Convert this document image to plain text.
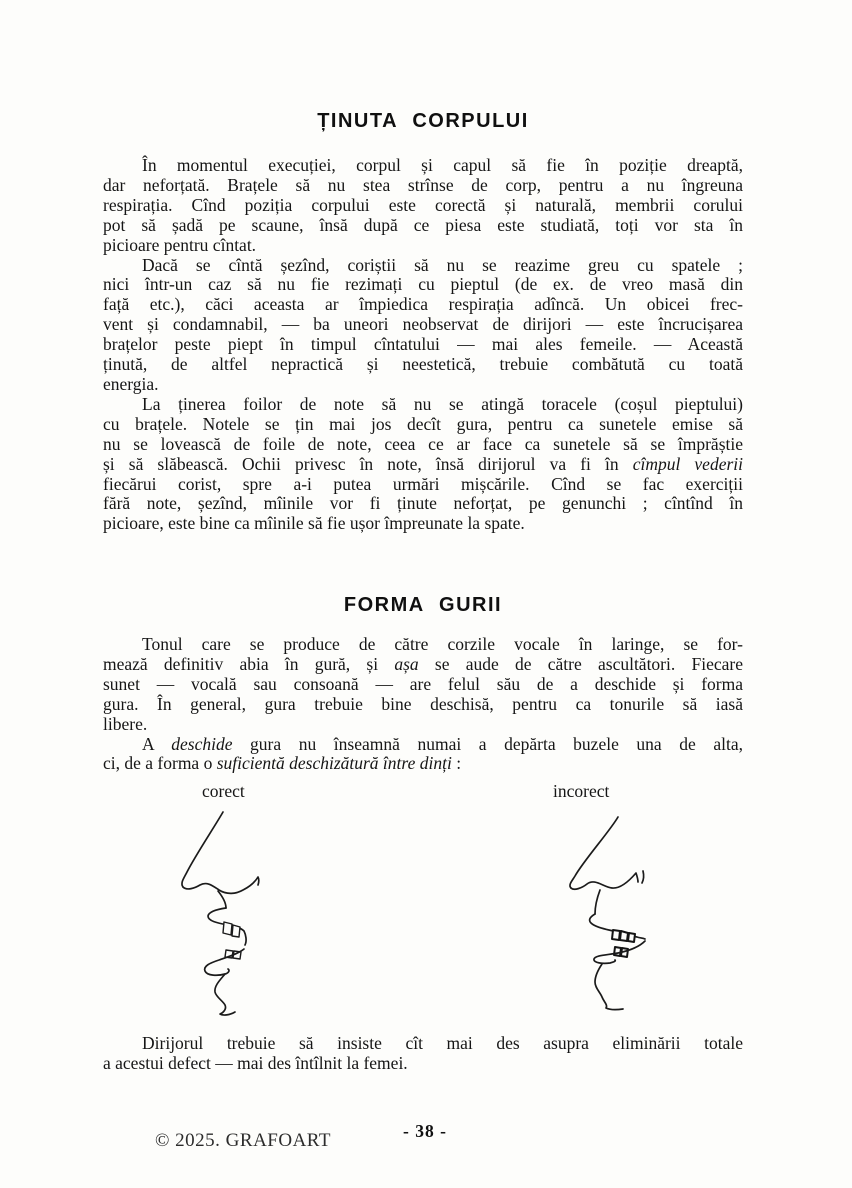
ȚINUTA CORPULUI
În momentul execuției, corpul și capul să fie în poziție dreaptă,
dar neforțată. Brațele să nu stea strînse de corp, pentru a nu îngreuna
respirația. Cînd poziția corpului este corectă și naturală, membrii corului
pot să șadă pe scaune, însă după ce piesa este studiată, toți vor sta în
picioare pentru cîntat.
Dacă se cîntă șezînd, coriștii să nu se reazime greu cu spatele ;
nici într-un caz să nu fie rezimați cu pieptul (de ex. de vreo masă din
față etc.), căci aceasta ar împiedica respirația adîncă. Un obicei frec-
vent și condamnabil, — ba uneori neobservat de dirijori — este încrucișarea
brațelor peste piept în timpul cîntatului — mai ales femeile. — Această
ținută, de altfel nepractică și neestetică, trebuie combătută cu toată
energia.
La ținerea foilor de note să nu se atingă toracele (coșul pieptului)
cu brațele. Notele se țin mai jos decît gura, pentru ca sunetele emise să
nu se lovească de foile de note, ceea ce ar face ca sunetele să se împrăștie
și să slăbească. Ochii privesc în note, însă dirijorul va fi în cîmpul vederii
fiecărui corist, spre a-i putea urmări mișcările. Cînd se fac exerciții
fără note, șezînd, mîinile vor fi ținute neforțat, pe genunchi ; cîntînd în
picioare, este bine ca mîinile să fie ușor împreunate la spate.
FORMA GURII
Tonul care se produce de către corzile vocale în laringe, se for-
mează definitiv abia în gură, și așa se aude de către ascultători. Fiecare
sunet — vocală sau consoană — are felul său de a deschide și forma
gura. În general, gura trebuie bine deschisă, pentru ca tonurile să iasă
libere.
A deschide gura nu înseamnă numai a depărta buzele una de alta,
ci, de a forma o suficientă deschizătură între dinți :
corect	incorect
Dirijorul trebuie să insiste cît mai des asupra eliminării totale
a acestui defect — mai des întîlnit la femei.
© 2025. GRAFOART	- 38 -
